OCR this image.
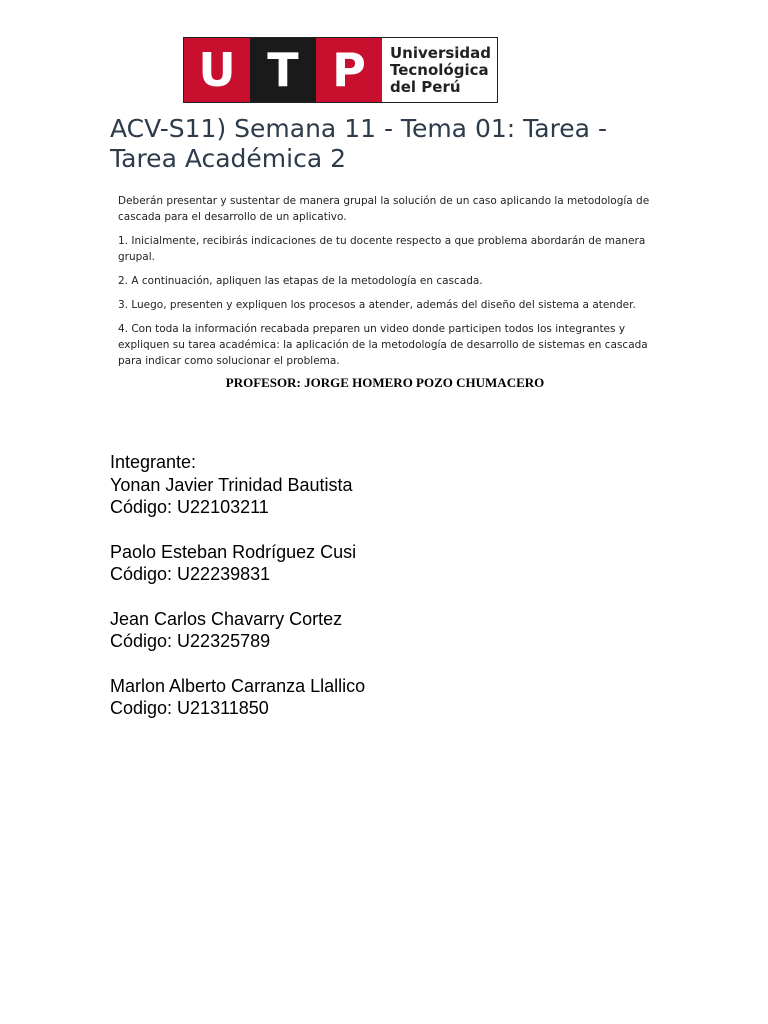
U T P	Universidad
Tecnológica
del Perú
ACV-S11) Semana 11 - Tema 01: Tarea - Tarea Académica 2

Deberán presentar y sustentar de manera grupal la solución de un caso aplicando la metodología de cascada para el desarrollo de un aplicativo.

1. Inicialmente, recibirás indicaciones de tu docente respecto a que problema abordarán de manera grupal.

2. A continuación, apliquen las etapas de la metodología en cascada.

3. Luego, presenten y expliquen los procesos a atender, además del diseño del sistema a atender.

4. Con toda la información recabada preparen un video donde participen todos los integrantes y expliquen su tarea académica: la aplicación de la metodología de desarrollo de sistemas en cascada para indicar como solucionar el problema.

PROFESOR: JORGE HOMERO POZO CHUMACERO
Integrante:
Yonan Javier Trinidad Bautista
Código: U22103211
Paolo Esteban Rodríguez Cusi
Código: U22239831
Jean Carlos Chavarry Cortez
Código: U22325789
Marlon Alberto Carranza Llallico
Codigo: U21311850
